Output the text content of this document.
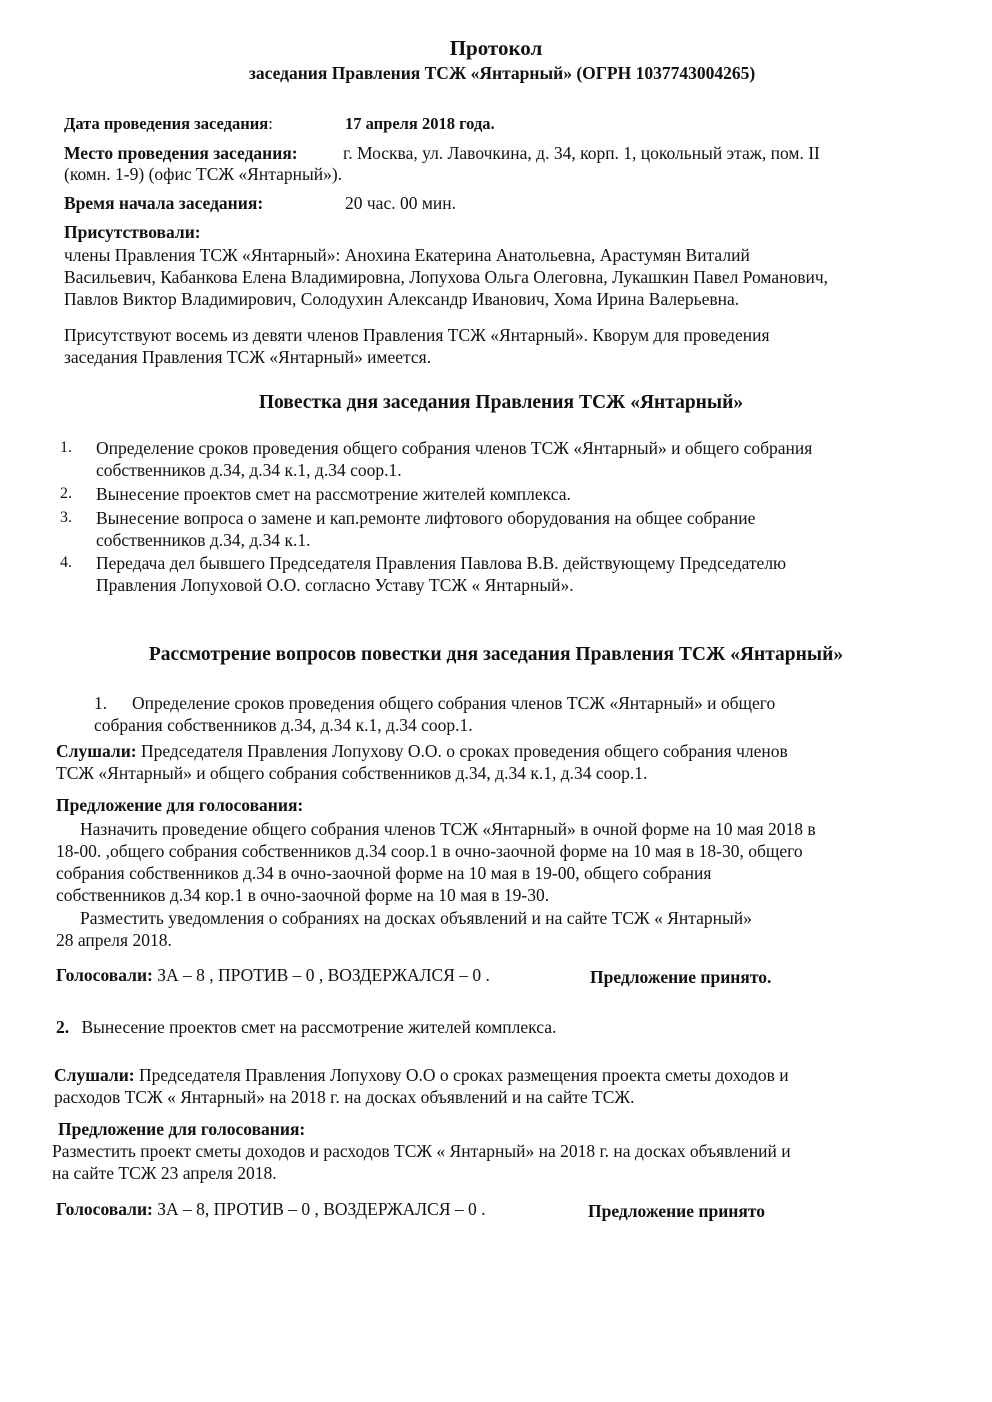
Протокол
заседания Правления ТСЖ «Янтарный» (ОГРН 1037743004265)
Дата проведения заседания:	17 апреля 2018 года.
Место проведения заседания:	г. Москва, ул. Лавочкина, д. 34, корп. 1, цокольный этаж, пом. II
(комн. 1-9) (офис ТСЖ «Янтарный»).
Время начала заседания:	20 час. 00 мин.
Присутствовали:
члены Правления ТСЖ «Янтарный»: Анохина Екатерина Анатольевна, Арастумян Виталий
Васильевич, Кабанкова Елена Владимировна, Лопухова Ольга Олеговна, Лукашкин Павел Романович,
Павлов Виктор Владимирович, Солодухин Александр Иванович, Хома Ирина Валерьевна.
Присутствуют восемь из девяти членов Правления ТСЖ «Янтарный». Кворум для проведения
заседания Правления ТСЖ «Янтарный» имеется.
Повестка дня заседания Правления ТСЖ «Янтарный»
1. Определение сроков проведения общего собрания членов ТСЖ «Янтарный» и общего собрания
собственников д.34, д.34 к.1, д.34 соор.1.
2. Вынесение проектов смет на рассмотрение жителей комплекса.
3. Вынесение вопроса о замене и кап.ремонте лифтового оборудования на общее собрание
собственников д.34, д.34 к.1.
4. Передача дел бывшего Председателя Правления Павлова В.В. действующему Председателю
Правления Лопуховой О.О. согласно Уставу ТСЖ « Янтарный».
Рассмотрение вопросов повестки дня заседания Правления ТСЖ «Янтарный»
1. Определение сроков проведения общего собрания членов ТСЖ «Янтарный» и общего
собрания собственников д.34, д.34 к.1, д.34 соор.1.
Слушали: Председателя Правления Лопухову О.О. о сроках проведения общего собрания членов
ТСЖ «Янтарный» и общего собрания собственников д.34, д.34 к.1, д.34 соор.1.
Предложение для голосования:
Назначить проведение общего собрания членов ТСЖ «Янтарный» в очной форме на 10 мая 2018 в
18-00. ,общего собрания собственников д.34 соор.1 в очно-заочной форме на 10 мая в 18-30, общего
собрания собственников д.34 в очно-заочной форме на 10 мая в 19-00, общего собрания
собственников д.34 кор.1 в очно-заочной форме на 10 мая в 19-30.
Разместить уведомления о собраниях на досках объявлений и на сайте ТСЖ « Янтарный»
28 апреля 2018.
Голосовали: ЗА – 8 , ПРОТИВ – 0 , ВОЗДЕРЖАЛСЯ – 0 .	Предложение принято.
2. Вынесение проектов смет на рассмотрение жителей комплекса.
Слушали: Председателя Правления Лопухову О.О о сроках размещения проекта сметы доходов и
расходов ТСЖ « Янтарный» на 2018 г. на досках объявлений и на сайте ТСЖ.
Предложение для голосования:
Разместить проект сметы доходов и расходов ТСЖ « Янтарный» на 2018 г. на досках объявлений и
на сайте ТСЖ 23 апреля 2018.
Голосовали: ЗА – 8, ПРОТИВ – 0 , ВОЗДЕРЖАЛСЯ – 0 .	Предложение принято
